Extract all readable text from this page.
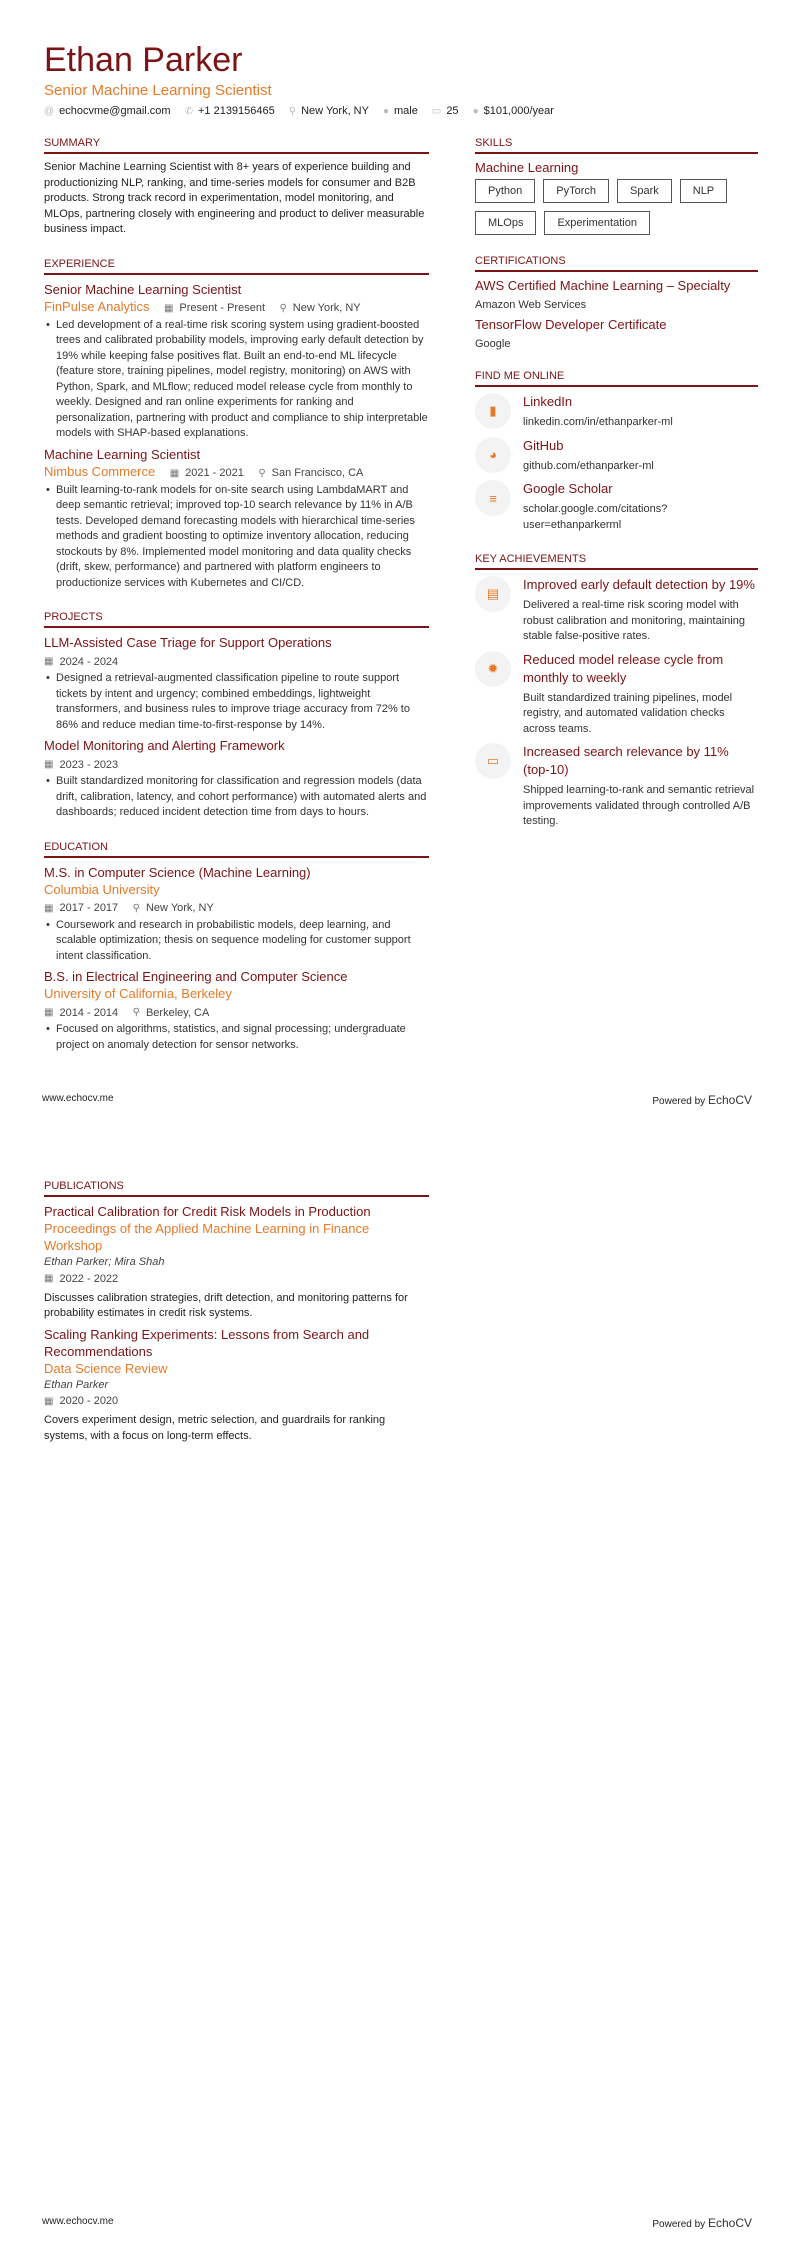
Ethan Parker
Senior Machine Learning Scientist
@ echocvme@gmail.com ✆ +1 2139156465 ⚲ New York, NY ● male ▭ 25 ● $101,000/year
SUMMARY

Senior Machine Learning Scientist with 8+ years of experience building and productionizing NLP, ranking, and time-series models for consumer and B2B products. Strong track record in experimentation, model monitoring, and MLOps, partnering closely with engineering and product to deliver measurable business impact.

EXPERIENCE
Senior Machine Learning Scientist
FinPulse Analytics ▦ Present - Present
⚲ New York, NY
• Led development of a real-time risk scoring system using gradient-boosted trees and calibrated probability models, improving early default detection by 19% while keeping false positives flat. Built an end-to-end ML lifecycle (feature store, training pipelines, model registry, monitoring) on AWS with Python, Spark, and MLflow; reduced model release cycle from monthly to weekly. Designed and ran online experiments for ranking and personalization, partnering with product and compliance to ship interpretable models with SHAP-based explanations.
Machine Learning Scientist
Nimbus Commerce ▦ 2021 - 2021
⚲ San Francisco, CA
• Built learning-to-rank models for on-site search using LambdaMART and deep semantic retrieval; improved top-10 search relevance by 11% in A/B tests. Developed demand forecasting models with hierarchical time-series methods and gradient boosting to optimize inventory allocation, reducing stockouts by 8%. Implemented model monitoring and data quality checks (drift, skew, performance) and partnered with platform engineers to productionize services with Kubernetes and CI/CD.
PROJECTS
LLM-Assisted Case Triage for Support Operations
▦ 2024 - 2024
• Designed a retrieval-augmented classification pipeline to route support tickets by intent and urgency; combined embeddings, lightweight transformers, and business rules to improve triage accuracy from 72% to 86% and reduce median time-to-first-response by 14%.
Model Monitoring and Alerting Framework
▦ 2023 - 2023
• Built standardized monitoring for classification and regression models (data drift, calibration, latency, and cohort performance) with automated alerts and dashboards; reduced incident detection time from days to hours.
EDUCATION
M.S. in Computer Science (Machine Learning)
Columbia University
▦ 2017 - 2017
⚲ New York, NY
• Coursework and research in probabilistic models, deep learning, and scalable optimization; thesis on sequence modeling for customer support intent classification.
B.S. in Electrical Engineering and Computer Science
University of California, Berkeley
▦ 2014 - 2014
⚲ Berkeley, CA
• Focused on algorithms, statistics, and signal processing; undergraduate project on anomaly detection for sensor networks.
SKILLS
Machine Learning
Python	PyTorch	Spark	NLP
MLOps	Experimentation
CERTIFICATIONS
AWS Certified Machine Learning – Specialty
Amazon Web Services
TensorFlow Developer Certificate
Google
FIND ME ONLINE
▮
LinkedIn
linkedin.com/in/ethanparker-ml
◕
GitHub
github.com/ethanparker-ml
≡
Google Scholar
scholar.google.com/citations?user=ethanparkerml
KEY ACHIEVEMENTS
▤
Improved early default detection by 19%
Delivered a real-time risk scoring model with robust calibration and monitoring, maintaining stable false-positive rates.
✹
Reduced model release cycle from monthly to weekly
Built standardized training pipelines, model registry, and automated validation checks across teams.
▭
Increased search relevance by 11% (top-10)
Shipped learning-to-rank and semantic retrieval improvements validated through controlled A/B testing.
www.echocv.me	Powered by EchoCV
PUBLICATIONS
Practical Calibration for Credit Risk Models in Production
Proceedings of the Applied Machine Learning in Finance Workshop
Ethan Parker; Mira Shah
▦ 2022 - 2022

Discusses calibration strategies, drift detection, and monitoring patterns for probability estimates in credit risk systems.

Scaling Ranking Experiments: Lessons from Search and Recommendations
Data Science Review
Ethan Parker
▦ 2020 - 2020

Covers experiment design, metric selection, and guardrails for ranking systems, with a focus on long-term effects.

www.echocv.me	Powered by EchoCV
